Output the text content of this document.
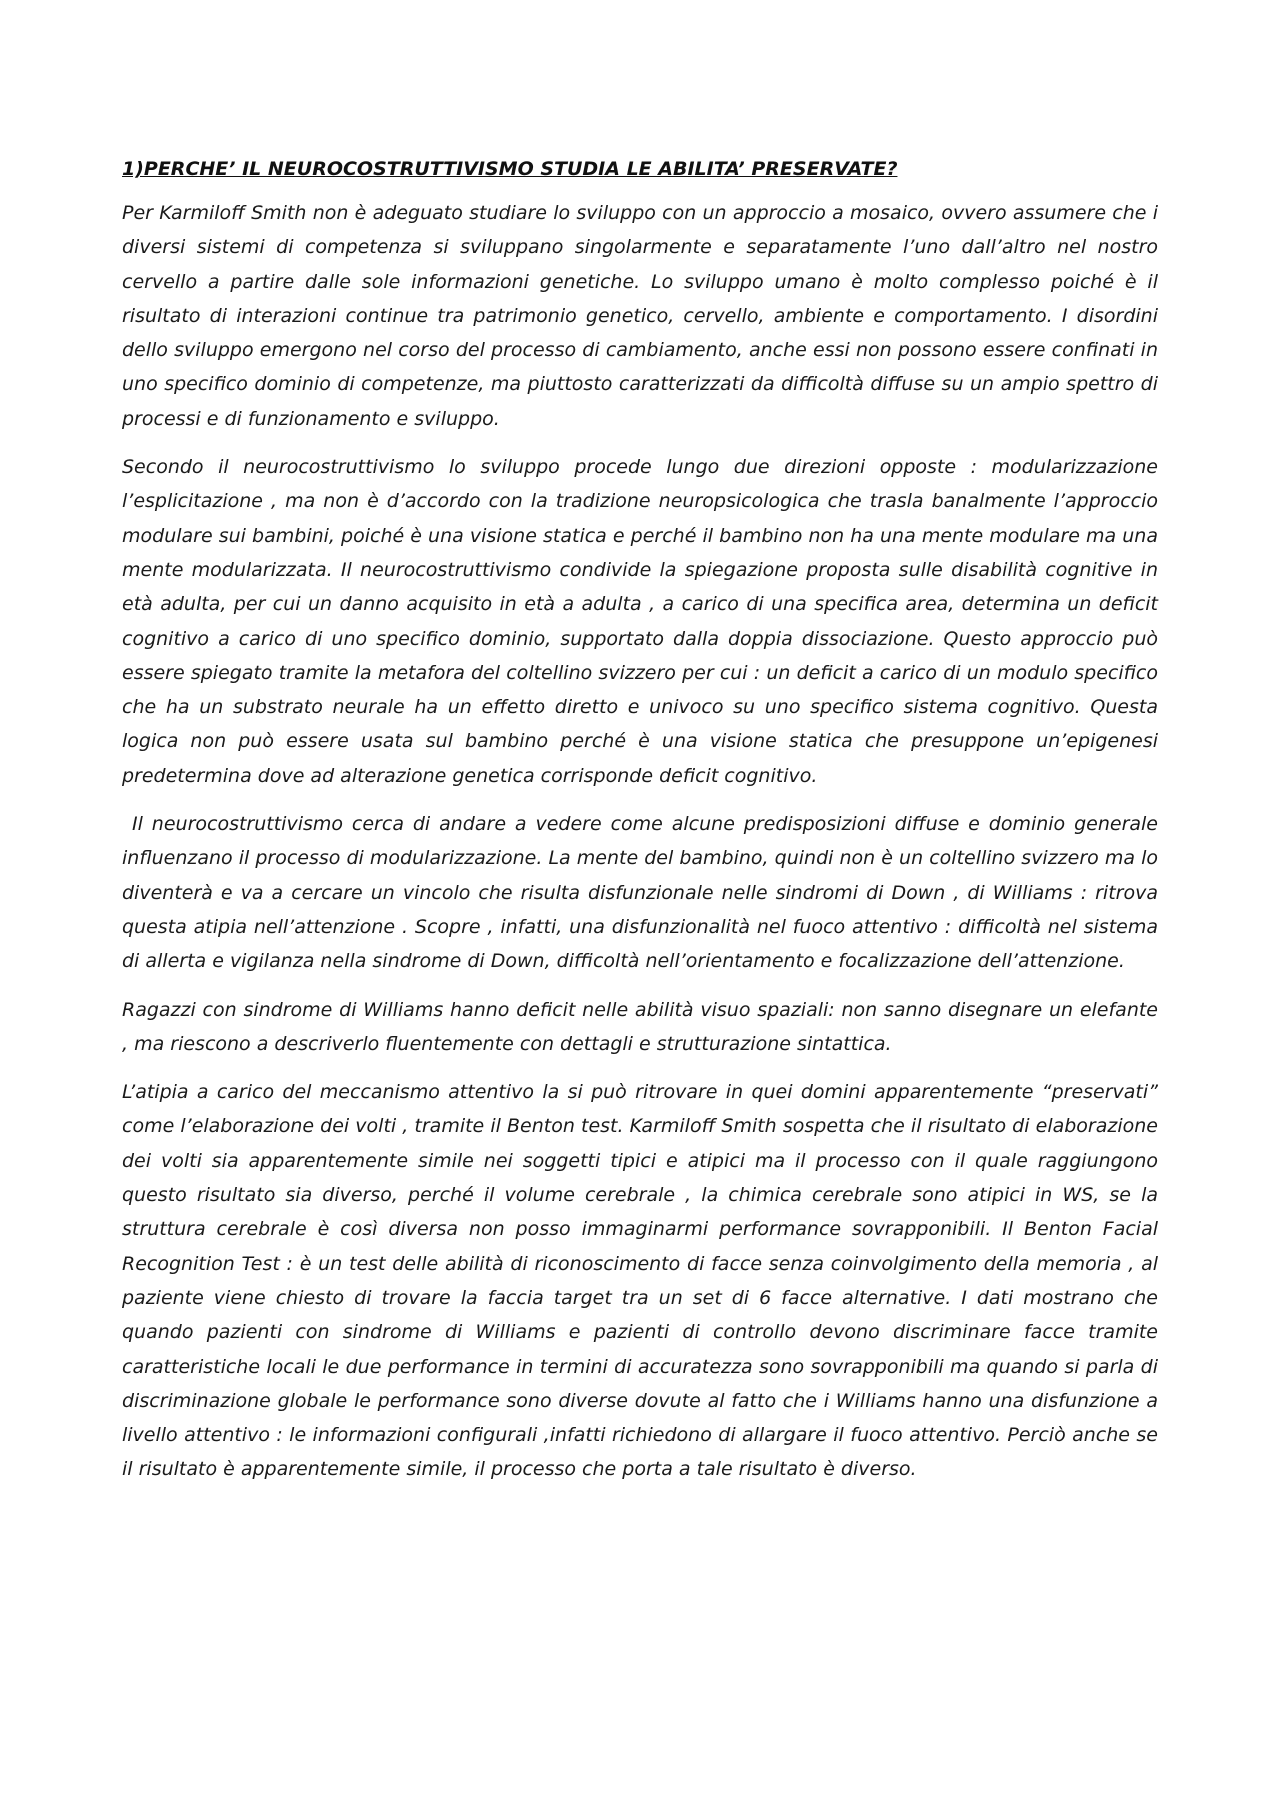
1)PERCHE’ IL NEUROCOSTRUTTIVISMO STUDIA LE ABILITA’ PRESERVATE?

Per Karmiloff Smith non è adeguato studiare lo sviluppo con un approccio a mosaico, ovvero assumere che i diversi sistemi di competenza si sviluppano singolarmente e separatamente l’uno dall’altro nel nostro cervello a partire dalle sole informazioni genetiche. Lo sviluppo umano è molto complesso poiché è il risultato di interazioni continue tra patrimonio genetico, cervello, ambiente e comportamento. I disordini dello sviluppo emergono nel corso del processo di cambiamento, anche essi non possono essere confinati in uno specifico dominio di competenze, ma piuttosto caratterizzati da difficoltà diffuse su un ampio spettro di processi e di funzionamento e sviluppo.

Secondo il neurocostruttivismo lo sviluppo procede lungo due direzioni opposte : modularizzazione l’esplicitazione , ma non è d’accordo con la tradizione neuropsicologica che trasla banalmente l’approccio modulare sui bambini, poiché è una visione statica e perché il bambino non ha una mente modulare ma una mente modularizzata. Il neurocostruttivismo condivide la spiegazione proposta sulle disabilità cognitive in età adulta, per cui un danno acquisito in età a adulta , a carico di una specifica area, determina un deficit cognitivo a carico di uno specifico dominio, supportato dalla doppia dissociazione. Questo approccio può essere spiegato tramite la metafora del coltellino svizzero per cui : un deficit a carico di un modulo specifico che ha un substrato neurale ha un effetto diretto e univoco su uno specifico sistema cognitivo. Questa logica non può essere usata sul bambino perché è una visione statica che presuppone un’epigenesi predetermina dove ad alterazione genetica corrisponde deficit cognitivo.

Il neurocostruttivismo cerca di andare a vedere come alcune predisposizioni diffuse e dominio generale influenzano il processo di modularizzazione. La mente del bambino, quindi non è un coltellino svizzero ma lo diventerà e va a cercare un vincolo che risulta disfunzionale nelle sindromi di Down , di Williams : ritrova questa atipia nell’attenzione . Scopre , infatti, una disfunzionalità nel fuoco attentivo : difficoltà nel sistema di allerta e vigilanza nella sindrome di Down, difficoltà nell’orientamento e focalizzazione dell’attenzione.

Ragazzi con sindrome di Williams hanno deficit nelle abilità visuo spaziali: non sanno disegnare un elefante , ma riescono a descriverlo fluentemente con dettagli e strutturazione sintattica.

L’atipia a carico del meccanismo attentivo la si può ritrovare in quei domini apparentemente “preservati” come l’elaborazione dei volti , tramite il Benton test. Karmiloff Smith sospetta che il risultato di elaborazione dei volti sia apparentemente simile nei soggetti tipici e atipici ma il processo con il quale raggiungono questo risultato sia diverso, perché il volume cerebrale , la chimica cerebrale sono atipici in WS, se la struttura cerebrale è così diversa non posso immaginarmi performance sovrapponibili. Il Benton Facial Recognition Test : è un test delle abilità di riconoscimento di facce senza coinvolgimento della memoria , al paziente viene chiesto di trovare la faccia target tra un set di 6 facce alternative. I dati mostrano che quando pazienti con sindrome di Williams e pazienti di controllo devono discriminare facce tramite caratteristiche locali le due performance in termini di accuratezza sono sovrapponibili ma quando si parla di discriminazione globale le performance sono diverse dovute al fatto che i Williams hanno una disfunzione a livello attentivo : le informazioni configurali ,infatti richiedono di allargare il fuoco attentivo. Perciò anche se il risultato è apparentemente simile, il processo che porta a tale risultato è diverso.
